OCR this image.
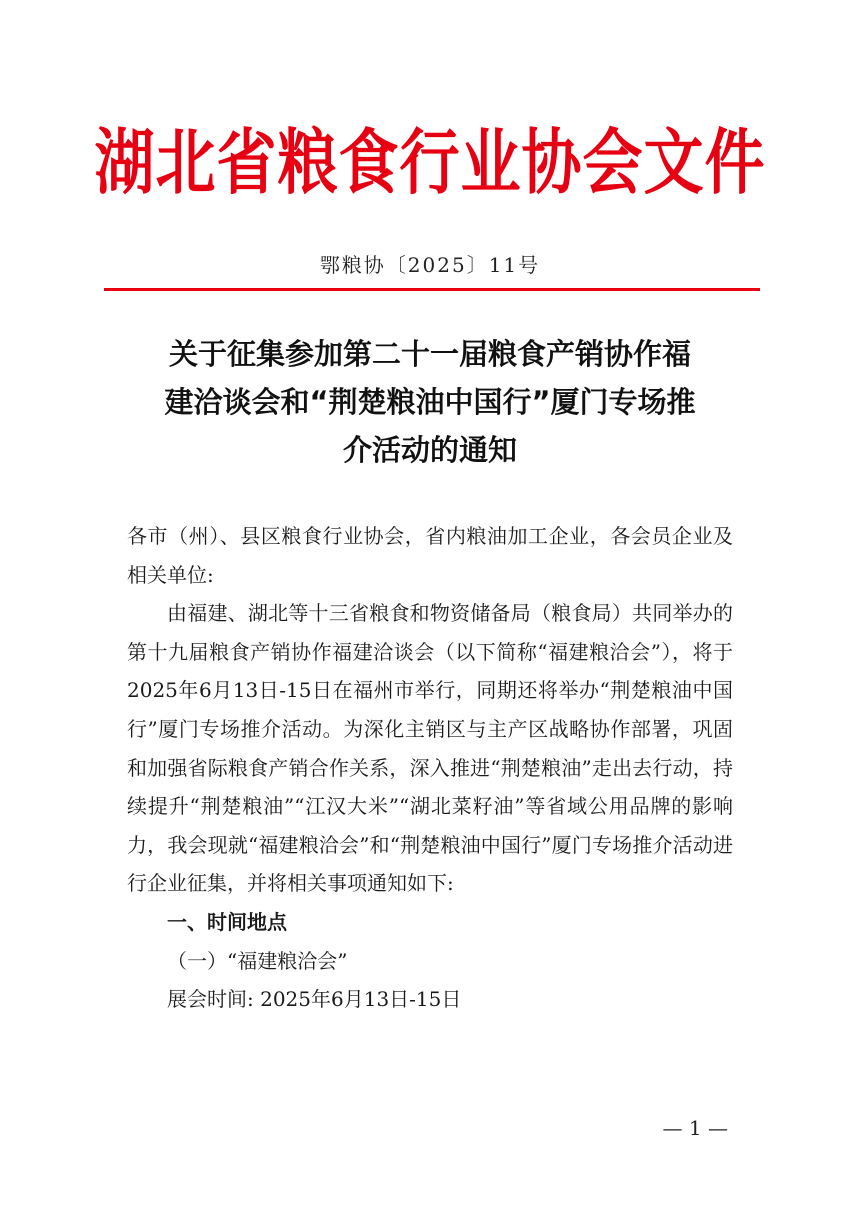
湖北省粮食行业协会文件
鄂粮协〔2025〕11号
关于征集参加第二十一届粮食产销协作福
建洽谈会和“荆楚粮油中国行”厦门专场推
介活动的通知

各市（州）、县区粮食行业协会，省内粮油加工企业，各会员企业及相关单位:

由福建、湖北等十三省粮食和物资储备局（粮食局）共同举办的第十九届粮食产销协作福建洽谈会（以下简称“福建粮洽会”），将于2025年6月13日-15日在福州市举行，同期还将举办“荆楚粮油中国行”厦门专场推介活动。为深化主销区与主产区战略协作部署，巩固和加强省际粮食产销合作关系，深入推进“荆楚粮油”走出去行动，持续提升“荆楚粮油”“江汉大米”“湖北菜籽油”等省域公用品牌的影响力，我会现就“福建粮洽会”和“荆楚粮油中国行”厦门专场推介活动进行企业征集，并将相关事项通知如下:

一、时间地点

（一）“福建粮洽会”

展会时间: 2025年6月13日-15日

— 1 —
